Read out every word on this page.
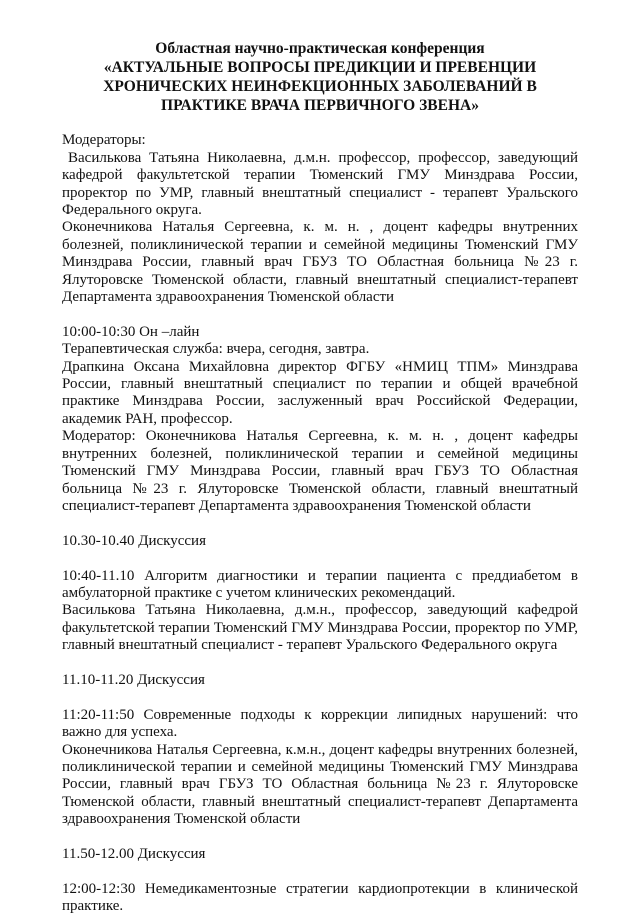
Областная научно-практическая конференция

«АКТУАЛЬНЫЕ ВОПРОСЫ ПРЕДИКЦИИ И ПРЕВЕНЦИИ ХРОНИЧЕСКИХ НЕИНФЕКЦИОННЫХ ЗАБОЛЕВАНИЙ В ПРАКТИКЕ ВРАЧА ПЕРВИЧНОГО ЗВЕНА»

Модераторы:

Василькова Татьяна Николаевна, д.м.н. профессор, профессор, заведующий кафедрой факультетской терапии Тюменский ГМУ Минздрава России, проректор по УМР, главный внештатный специалист - терапевт Уральского Федерального округа.

Оконечникова Наталья Сергеевна, к. м. н. , доцент кафедры внутренних болезней, поликлинической терапии и семейной медицины Тюменский ГМУ Минздрава России, главный врач ГБУЗ ТО Областная больница №23 г. Ялуторовске Тюменской области, главный внештатный специалист-терапевт Департамента здравоохранения Тюменской области

10:00-10:30 Он –лайн

Терапевтическая служба: вчера, сегодня, завтра.

Драпкина Оксана Михайловна директор ФГБУ «НМИЦ ТПМ» Минздрава России, главный внештатный специалист по терапии и общей врачебной практике Минздрава России, заслуженный врач Российской Федерации, академик РАН, профессор.

Модератор: Оконечникова Наталья Сергеевна, к. м. н. , доцент кафедры внутренних болезней, поликлинической терапии и семейной медицины Тюменский ГМУ Минздрава России, главный врач ГБУЗ ТО Областная больница №23 г. Ялуторовске Тюменской области, главный внештатный специалист-терапевт Департамента здравоохранения Тюменской области

10.30-10.40 Дискуссия

10:40-11.10 Алгоритм диагностики и терапии пациента с преддиабетом в амбулаторной практике с учетом клинических рекомендаций.

Василькова Татьяна Николаевна, д.м.н., профессор, заведующий кафедрой факультетской терапии Тюменский ГМУ Минздрава России, проректор по УМР, главный внештатный специалист - терапевт Уральского Федерального округа

11.10-11.20 Дискуссия

11:20-11:50 Современные подходы к коррекции липидных нарушений: что важно для успеха.

Оконечникова Наталья Сергеевна, к.м.н., доцент кафедры внутренних болезней, поликлинической терапии и семейной медицины Тюменский ГМУ Минздрава России, главный врач ГБУЗ ТО Областная больница №23 г. Ялуторовске Тюменской области, главный внештатный специалист-терапевт Департамента здравоохранения Тюменской области

11.50-12.00 Дискуссия

12:00-12:30 Немедикаментозные стратегии кардиопротекции в клинической практике.
